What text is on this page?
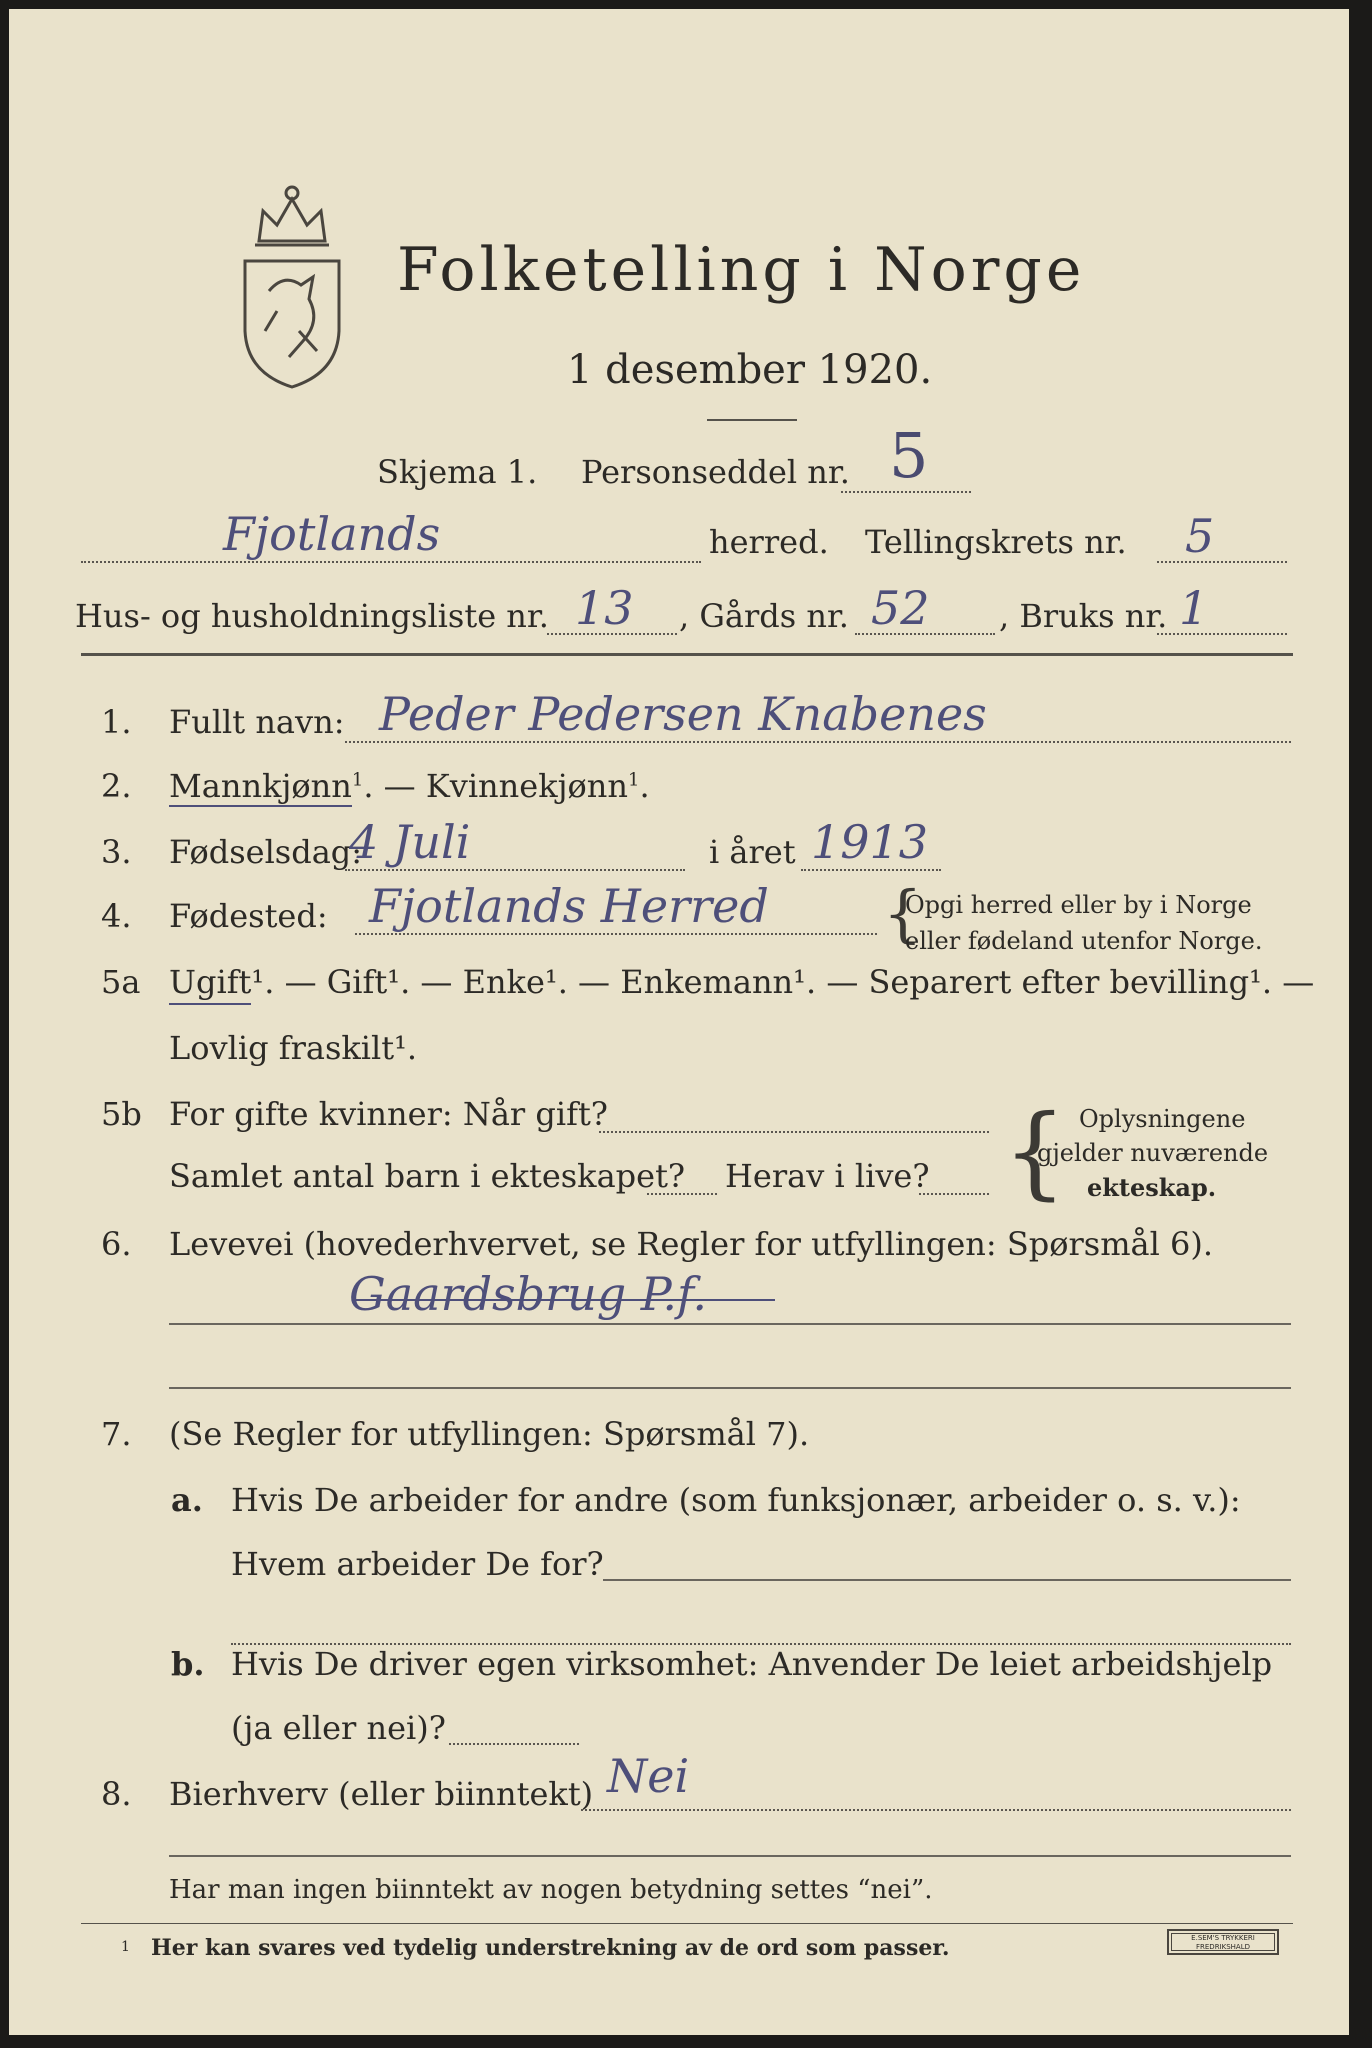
Folketelling i Norge
1 desember 1920.
Skjema 1. Personseddel nr. 5
Fjotlands	herred. Tellingskrets nr. 5
Hus- og husholdningsliste nr. 13 , Gårds nr. 52 , Bruks nr. 1
1. Fullt navn: Peder Pedersen Knabenes
2. Mannkjønn$^1$. — Kvinnekjønn$^1$.
3. Fødselsdag:
4 Juli	i året 1913
4. Fødested: Fjotlands Herred {
Opgi herred eller by i Norge
eller fødeland utenfor Norge.
5a Ugift¹. — Gift¹. — Enke¹. — Enkemann¹. — Separert efter bevilling¹. —
Lovlig fraskilt¹.
5b For gifte kvinner: Når gift?
Samlet antal barn i ekteskapet? Herav i live? { Oplysningene
gjelder nuværende
ekteskap.
6. Levevei (hovederhvervet, se Regler for utfyllingen: Spørsmål 6).
Gaardsbrug P.f.
7. (Se Regler for utfyllingen: Spørsmål 7).
a. Hvis De arbeider for andre (som funksjonær, arbeider o. s. v.):
Hvem arbeider De for?
b. Hvis De driver egen virksomhet: Anvender De leiet arbeidshjelp
(ja eller nei)?
8. Bierhverv (eller biinntekt) Nei
Har man ingen biinntekt av nogen betydning settes “nei”.
1 Her kan svares ved tydelig understrekning av de ord som passer.	E.SEM'S TRYKKERI FREDRIKSHALD
